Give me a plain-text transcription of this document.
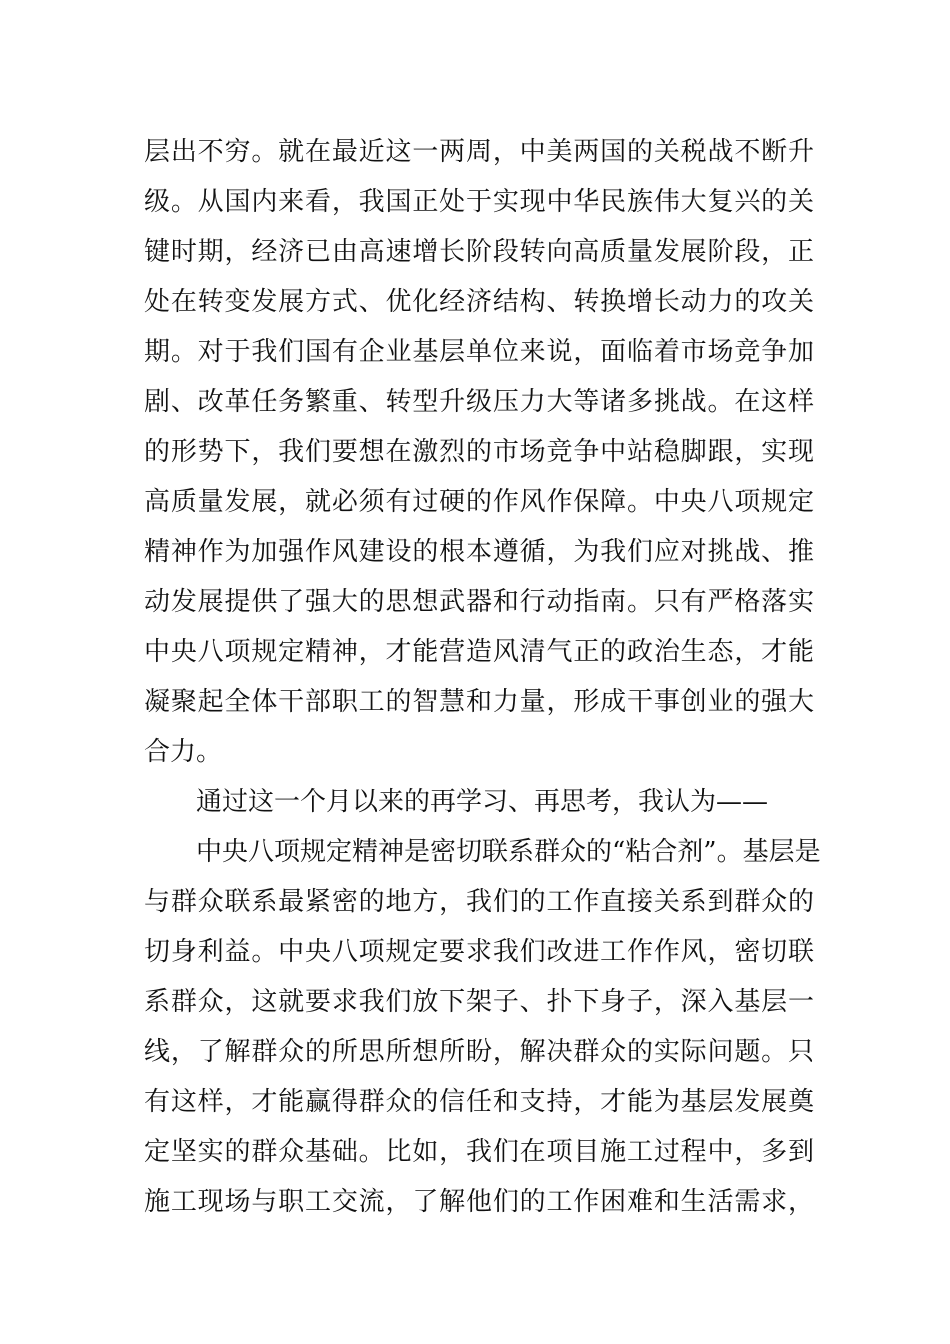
层出不穷。就在最近这一两周，中美两国的关税战不断升
级。从国内来看，我国正处于实现中华民族伟大复兴的关
键时期，经济已由高速增长阶段转向高质量发展阶段，正
处在转变发展方式、优化经济结构、转换增长动力的攻关
期。对于我们国有企业基层单位来说，面临着市场竞争加
剧、改革任务繁重、转型升级压力大等诸多挑战。在这样
的形势下，我们要想在激烈的市场竞争中站稳脚跟，实现
高质量发展，就必须有过硬的作风作保障。中央八项规定
精神作为加强作风建设的根本遵循，为我们应对挑战、推
动发展提供了强大的思想武器和行动指南。只有严格落实
中央八项规定精神，才能营造风清气正的政治生态，才能
凝聚起全体干部职工的智慧和力量，形成干事创业的强大
合力。
通过这一个月以来的再学习、再思考，我认为——
中央八项规定精神是密切联系群众的“粘合剂”。基层是
与群众联系最紧密的地方，我们的工作直接关系到群众的
切身利益。中央八项规定要求我们改进工作作风，密切联
系群众，这就要求我们放下架子、扑下身子，深入基层一
线，了解群众的所思所想所盼，解决群众的实际问题。只
有这样，才能赢得群众的信任和支持，才能为基层发展奠
定坚实的群众基础。比如，我们在项目施工过程中，多到
施工现场与职工交流，了解他们的工作困难和生活需求，
